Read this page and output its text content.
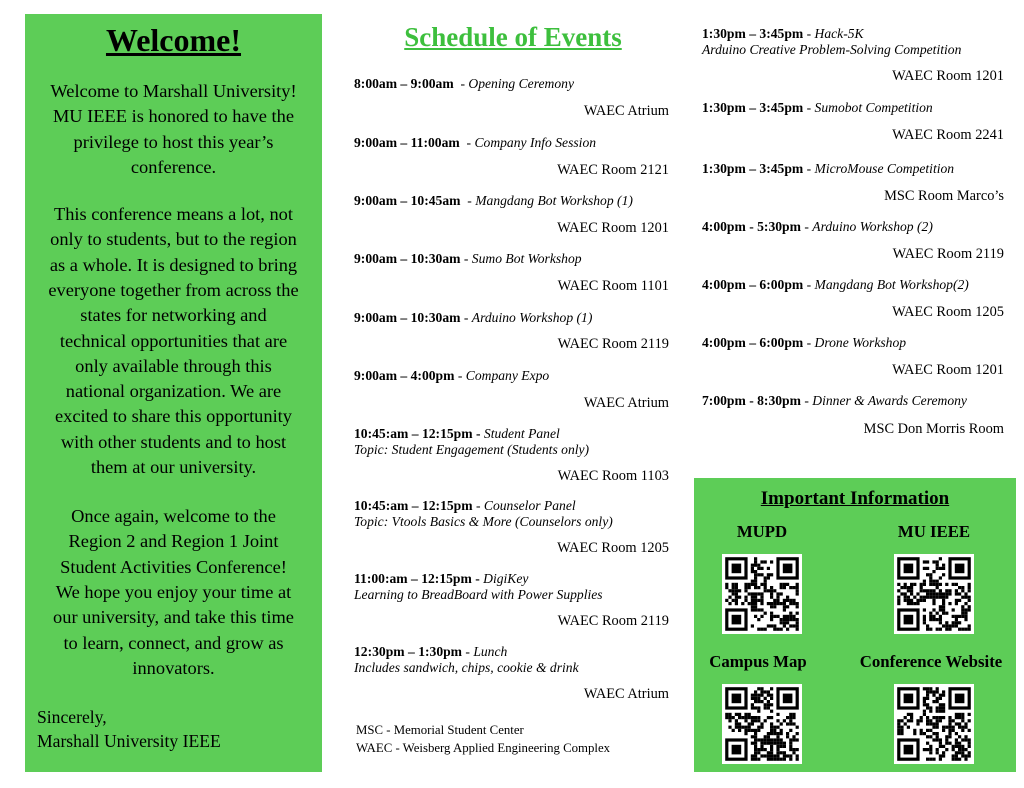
Welcome!
Welcome to Marshall University!
MU IEEE is honored to have the
privilege to host this year’s
conference.
This conference means a lot, not
only to students, but to the region
as a whole. It is designed to bring
everyone together from across the
states for networking and
technical opportunities that are
only available through this
national organization. We are
excited to share this opportunity
with other students and to host
them at our university.
Once again, welcome to the
Region 2 and Region 1 Joint
Student Activities Conference!
We hope you enjoy your time at
our university, and take this time
to learn, connect, and grow as
innovators.
Sincerely,
Marshall University IEEE
Schedule of Events
8:00am – 9:00am  - Opening Ceremony
WAEC Atrium
9:00am – 11:00am  - Company Info Session
WAEC Room 2121
9:00am – 10:45am  - Mangdang Bot Workshop (1)
WAEC Room 1201
9:00am – 10:30am - Sumo Bot Workshop
WAEC Room 1101
9:00am – 10:30am - Arduino Workshop (1)
WAEC Room 2119
9:00am – 4:00pm - Company Expo
WAEC Atrium
10:45:am – 12:15pm - Student Panel
Topic: Student Engagement (Students only)
WAEC Room 1103
10:45:am – 12:15pm - Counselor Panel
Topic: Vtools Basics & More (Counselors only)
WAEC Room 1205
11:00:am – 12:15pm - DigiKey
Learning to BreadBoard with Power Supplies
WAEC Room 2119
12:30pm – 1:30pm - Lunch
Includes sandwich, chips, cookie & drink
WAEC Atrium
1:30pm – 3:45pm - Hack-5K
Arduino Creative Problem-Solving Competition
WAEC Room 1201
1:30pm – 3:45pm - Sumobot Competition
WAEC Room 2241
1:30pm – 3:45pm - MicroMouse Competition
MSC Room Marco’s
4:00pm - 5:30pm - Arduino Workshop (2)
WAEC Room 2119
4:00pm – 6:00pm - Mangdang Bot Workshop(2)
WAEC Room 1205
4:00pm – 6:00pm - Drone Workshop
WAEC Room 1201
7:00pm - 8:30pm - Dinner & Awards Ceremony
MSC Don Morris Room
MSC - Memorial Student Center
WAEC - Weisberg Applied Engineering Complex
Important Information
MUPD	MU IEEE
Campus Map	Conference Website
